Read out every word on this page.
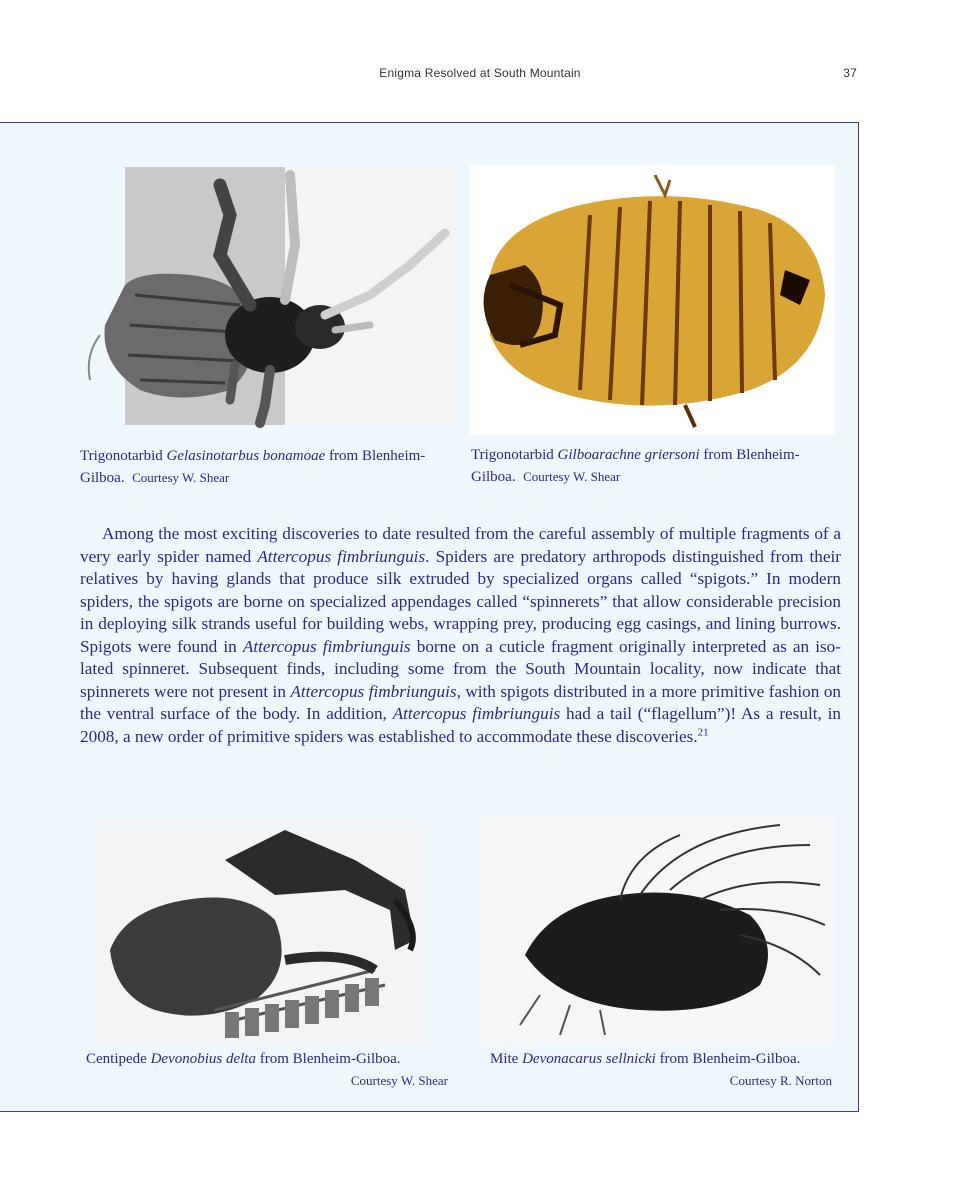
Enigma Resolved at South Mountain	37
Trigonotarbid Gelasinotarbus bonamoae from Blenheim-Gilboa. Courtesy W. Shear
Trigonotarbid Gilboarachne griersoni from Blenheim-Gilboa. Courtesy W. Shear

Among the most exciting discoveries to date resulted from the careful assembly of multiple fragments of a very early spider named Attercopus fimbriunguis. Spiders are predatory arthropods distinguished from their relatives by having glands that produce silk extruded by specialized organs called “spigots.” In modern spiders, the spigots are borne on specialized appendages called “spinnerets” that allow considerable precision in deploying silk strands useful for building webs, wrapping prey, producing egg casings, and lining burrows. Spigots were found in Attercopus fimbriunguis borne on a cuticle fragment originally interpreted as an isolated spinneret. Subsequent finds, including some from the South Mountain locality, now indicate that spinnerets were not present in Attercopus fimbriunguis, with spigots distributed in a more primitive fashion on the ventral surface of the body. In addition, Attercopus fimbriunguis had a tail (“flagellum”)! As a result, in 2008, a new order of primitive spiders was established to accommodate these discoveries.$^{21}$

Centipede Devonobius delta from Blenheim-Gilboa.
Courtesy W. Shear
Mite Devonacarus sellnicki from Blenheim-Gilboa.
Courtesy R. Norton
